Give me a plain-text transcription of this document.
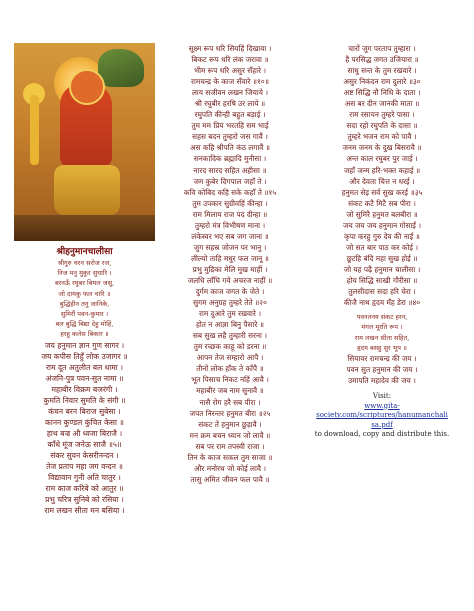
श्रीहनुमानचालीसा
श्रीगुरु चरन सरोज रज,
निज मनु मुकुर सुधारि ।
बरनऊँ रघुबर बिमल जसु,
जो दायकु फल चारि ॥
बुद्धिहीन तनु जानिके,
सुमिरौं पवन-कुमार ।
बल बुद्धि बिद्या देहु मोहिं,
हरहु कलेस बिकार ॥
जय हनुमान ज्ञान गुण सागर ।
जय कपीस तिहुँ लोक उजागर ॥
राम दूत अतुलीत बल धामा ।
अंजनि-पुत्र पवन-सुत नामा ॥
महाबीर विक्रम बजरंगी ।
कुमति निवार सुमति के संगी ॥
कंचन बरन बिराज सुबेसा ।
कानन कुण्डल कुंचित केसा ॥
हाथ बज्र औ ध्वजा बिराजै ।
काँधे मूंज जनेऊ साजै ॥५॥
संकर सुवन केसरीनन्दन ।
तेज प्रताप महा जग वन्दन ॥
विद्यावान गुनी अति चातुर ।
राम काज करिबे को आतुर ॥
प्रभु चरित्र सुनिबे को रसिया ।
राम लखन सीता मन बसिया ।
सूक्ष्म रूप धरि सियहिं दिखावा ।
बिकट रूप धरि लंक जरावा ॥
भीम रूप धरि असुर सँहारे ।
रामचन्द्र के काज सँवारे ॥१०॥
लाय सजीवन लखन जियाये ।
श्री रघुबीर हरषि उर लाये ॥
रघुपति कीन्ही बहुत बड़ाई ।
तुम मम प्रिय भरतहि सम भाई
सहस बदन तुम्हरो जस गावैं ।
अस कहि श्रीपति कंठ लगावैं ॥
सनकादिक ब्रह्मादि मुनीसा ।
नारद सारद सहित अहीसा ॥
जम कुबेर दिगपाल जहाँ ते ।
कवि कोबिद कहि सके कहाँ ते ॥१५
तुम उपकार सुग्रीवहिं कीन्हा ।
राम मिलाय राज पद दीन्हा ॥
तुम्हरो मंत्र विभीषण माना ।
लंकेस्वर भए सब जग जाना ॥
जुग सहस्र जोजन पर भानु ।
लील्यो ताहि मधुर फल जानू ॥
प्रभु मुद्रिका मेलि मुख माहीं ।
जलधि लाँघि गये अचरज नाहीं ॥
दुर्गम काज जगत के जेते ।
सुगम अनुग्रह तुम्हरे तेते ॥२०
राम दुआरे तुम रखवारे ।
होत न आज्ञा बिनु पैसारे ॥
सब सुख लहै तुम्हारी सरना ।
तुम रच्छक काहू को डरना ॥
आपन तेज सम्हारो आपै ।
तीनों लोक हाँक ते काँपै ॥
भूत पिसाच निकट नहिं आवै ।
महाबीर जब नाम सुनावै ॥
नासै रोग हरै सब पीरा ।
जपत निरन्तर हनुमत बीरा ॥२५
संकट तें हनुमान छुड़ावै ।
मन क्रम बचन ध्यान जो लावै ॥
सब पर राम तपस्वी राजा ।
तिन के काज सकल तुम साजा ॥
और मनोरथ जो कोई लावै ।
तासु अमित जीवन फल पावै ॥
चारों जुग परताप तुम्हारा ।
है परसिद्ध जगत उजियारा ॥
साधु सन्त के तुम रखवारे ।
असुर निकंदन राम दुलारे ॥३०
अष्ट सिद्धि नौ निधि के दाता ।
अस बर दीन जानकी माता ॥
राम रसायन तुम्हरे पासा ।
सदा रहो रघुपति के दासा ॥
तुम्हरे भजन राम को पावै ।
जनम जनम के दुख बिसरावै ॥
अन्त काल रघुबर पुर जाई ।
जहाँ जन्म हरि-भक्त कहाई ॥
और देवता चित्त न धरई ।
हनुमत सेइ सर्व सुख करई ॥३५
संकट कटै मिटै सब पीरा ।
जो सुमिरै हनुमत बलबीरा ॥
जय जय जय हनुमान गोसाईं ।
कृपा करहु गुरु देव की नाईं ॥
जो सत बार पाठ कर कोई ।
छूटहि बंदि महा सुख होई ॥
जो यह पढ़ै हनुमान चालीसा ।
होय सिद्धि साखी गौरीसा ॥
तुलसीदास सदा हरि चेरा ।
कीजै नाथ हृदय मँह डेरा ॥४०
पवनतनय संकट हरन,
मंगल मूरति रूप ।
राम लखन सीता सहित,
हृदय बसहु सुर भूप ॥
सियावर रामचन्द्र की जय ।
पवन सुत हनुमान की जय ।
उमापति महादेव की जय ।
Visit:
www.gita-
society.com/scriptures/hanumanchali
sa.pdf
to download, copy and distribute this.
